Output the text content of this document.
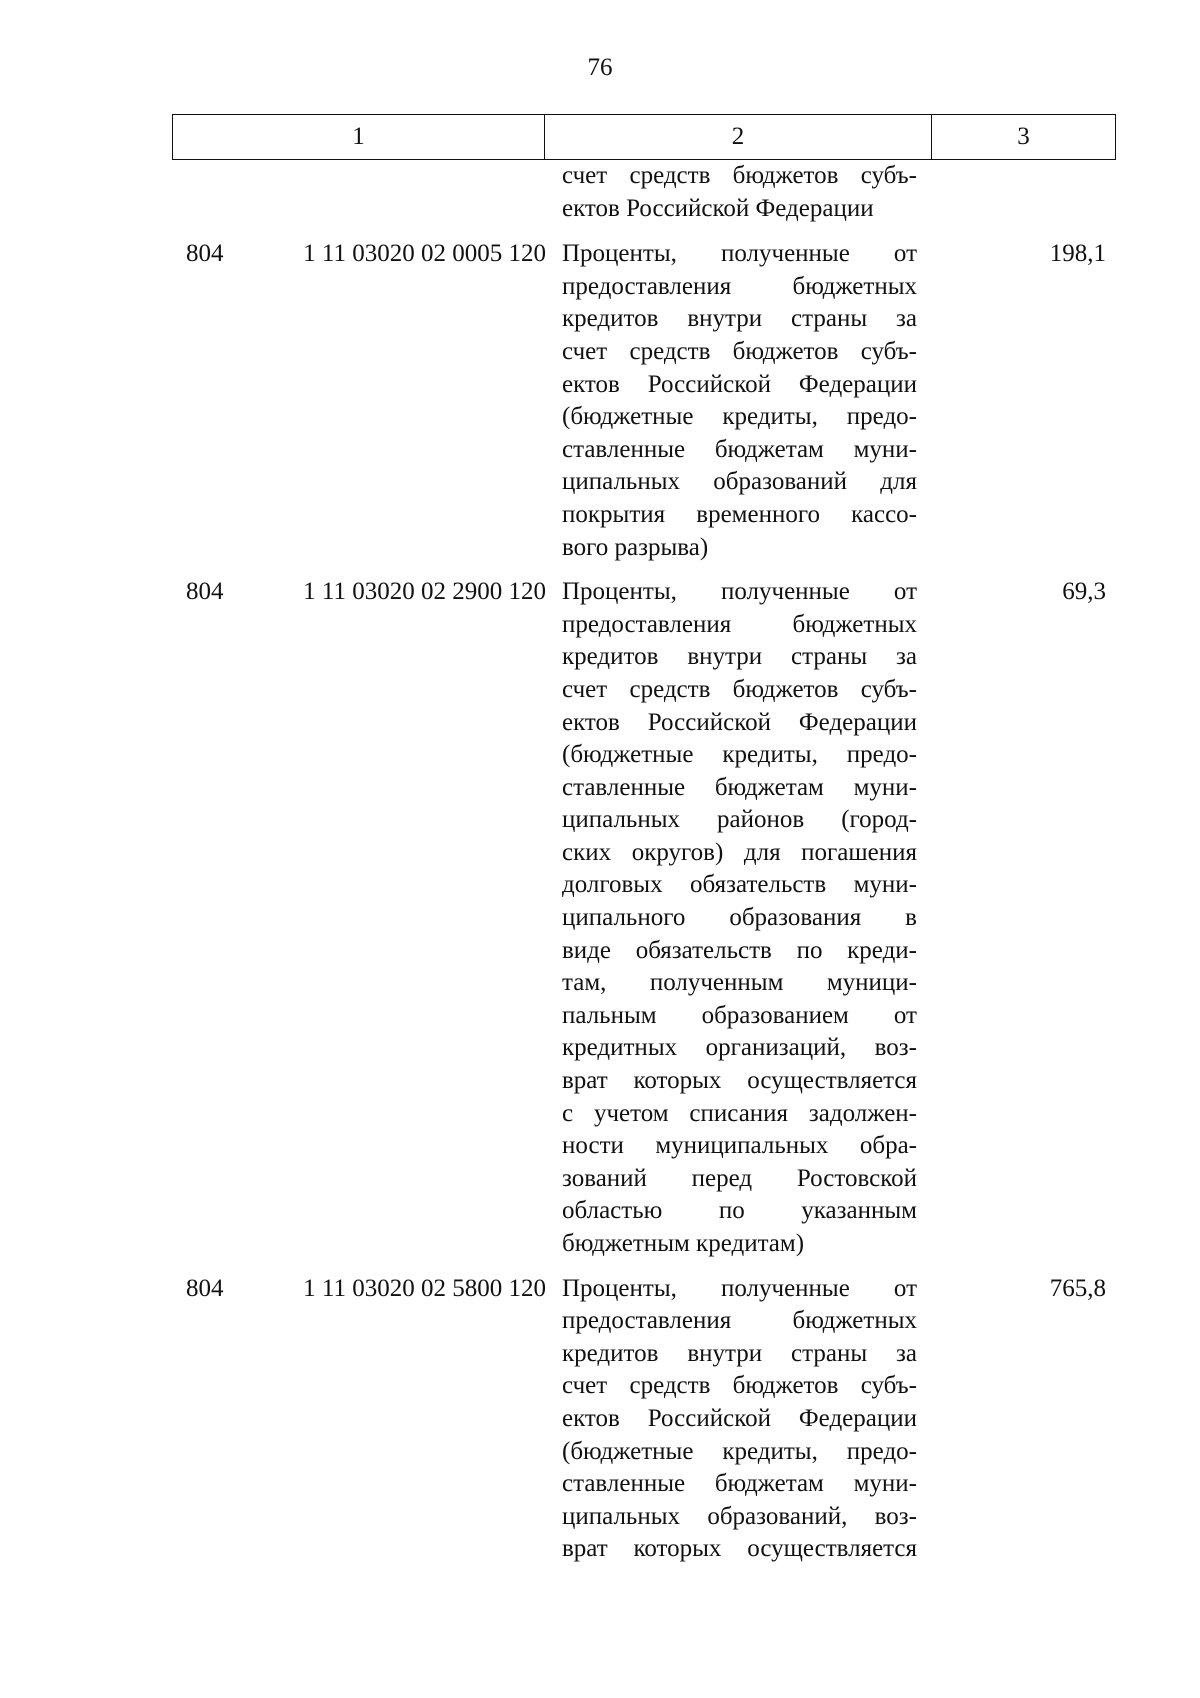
76
1	2	3
счет средств бюджетов субъ-
ектов Российской Федерации
804	1 11 03020 02 0005 120 Проценты, полученные от
предоставления бюджетных
кредитов внутри страны за
счет средств бюджетов субъ-
ектов Российской Федерации
(бюджетные кредиты, предо-
ставленные бюджетам муни-
ципальных образований для
покрытия временного кассо-
вого разрыва)
198,1
804	1 11 03020 02 2900 120 Проценты, полученные от
предоставления бюджетных
кредитов внутри страны за
счет средств бюджетов субъ-
ектов Российской Федерации
(бюджетные кредиты, предо-
ставленные бюджетам муни-
ципальных районов (город-
ских округов) для погашения
долговых обязательств муни-
ципального образования в
виде обязательств по креди-
там, полученным муници-
пальным образованием от
кредитных организаций, воз-
врат которых осуществляется
с учетом списания задолжен-
ности муниципальных обра-
зований перед Ростовской
областью по указанным
бюджетным кредитам)
69,3
804	1 11 03020 02 5800 120 Проценты, полученные от
предоставления бюджетных
кредитов внутри страны за
счет средств бюджетов субъ-
ектов Российской Федерации
(бюджетные кредиты, предо-
ставленные бюджетам муни-
ципальных образований, воз-
врат которых осуществляется
765,8
